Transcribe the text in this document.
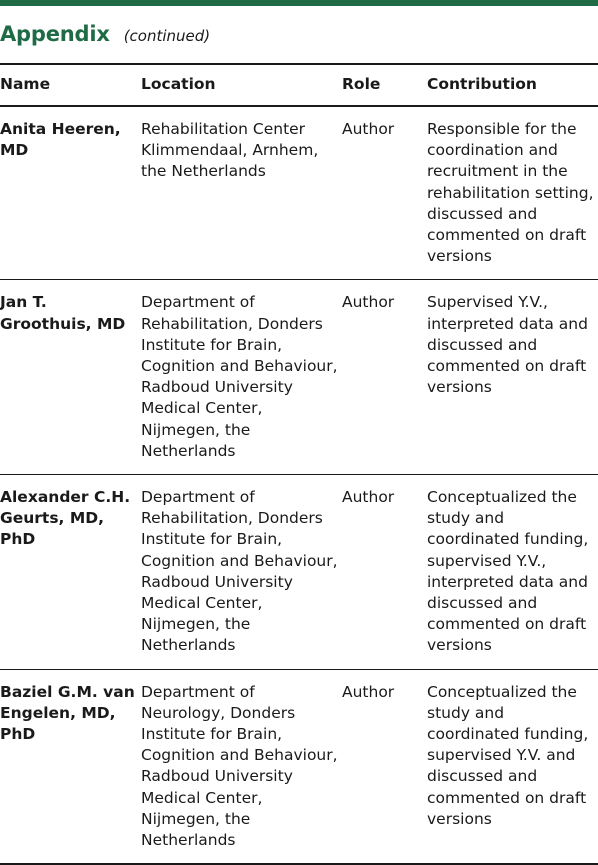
Appendix (continued)
Name	Location	Role	Contribution
Anita Heeren, MD	Rehabilitation Center Klimmendaal, Arnhem, the Netherlands	Author	Responsible for the coordination and recruitment in the rehabilitation setting, discussed and commented on draft versions
Jan T. Groothuis, MD	Department of Rehabilitation, Donders Institute for Brain, Cognition and Behaviour, Radboud University Medical Center, Nijmegen, the Netherlands	Author	Supervised Y.V., interpreted data and discussed and commented on draft versions
Alexander C.H. Geurts, MD, PhD	Department of Rehabilitation, Donders Institute for Brain, Cognition and Behaviour, Radboud University Medical Center, Nijmegen, the Netherlands	Author	Conceptualized the study and coordinated funding, supervised Y.V., interpreted data and discussed and commented on draft versions
Baziel G.M. van Engelen, MD, PhD	Department of Neurology, Donders Institute for Brain, Cognition and Behaviour, Radboud University Medical Center, Nijmegen, the Netherlands	Author	Conceptualized the study and coordinated funding, supervised Y.V. and discussed and commented on draft versions
